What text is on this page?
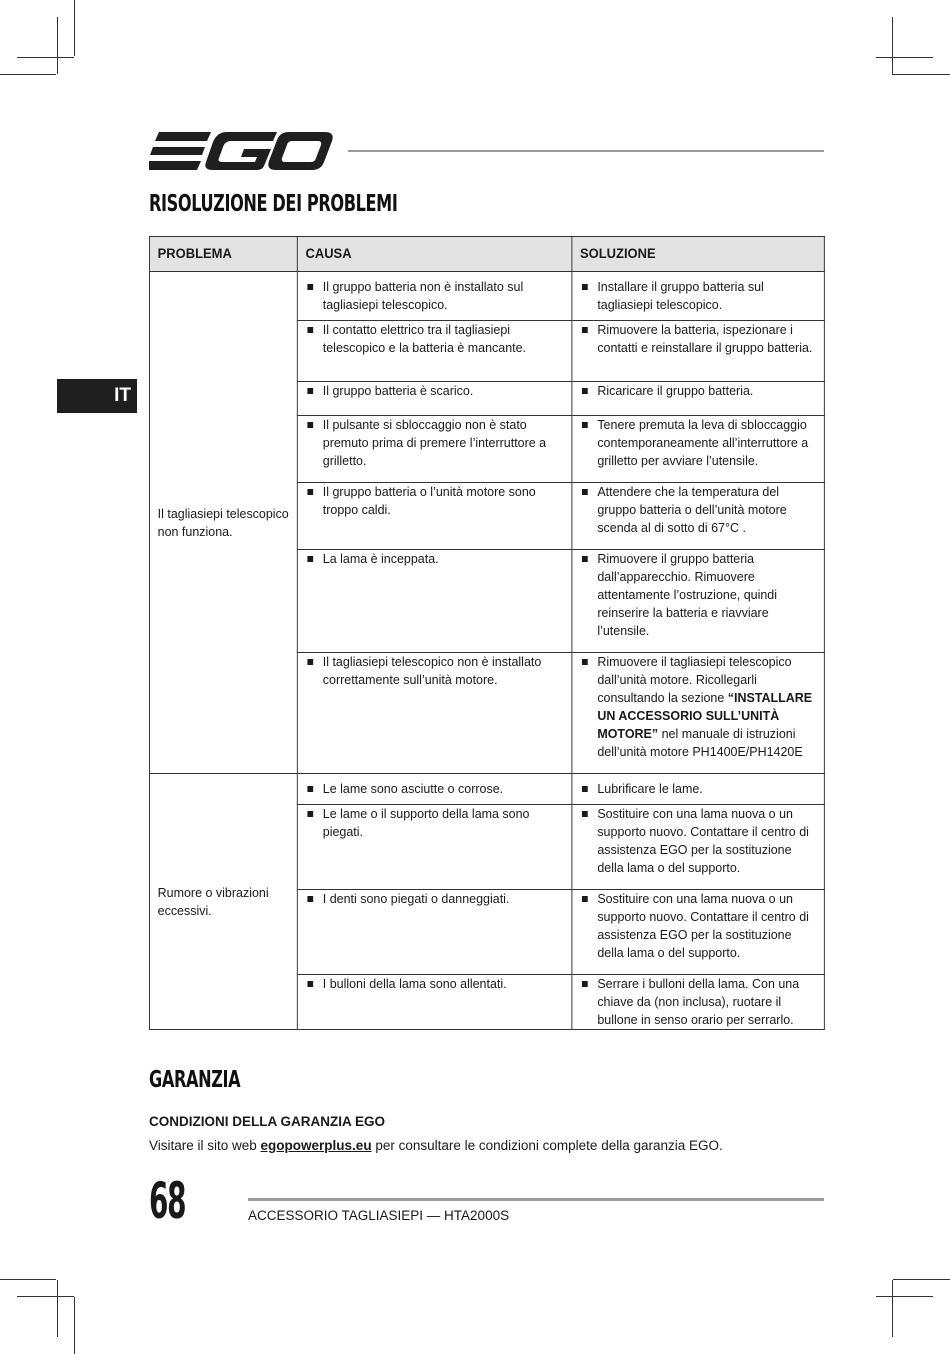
RISOLUZIONE DEI PROBLEMI
IT
PROBLEMA	CAUSA	SOLUZIONE
Il tagliasiepi telescopico non funziona.	Il gruppo batteria non è installato sul tagliasiepi telescopico.	Installare il gruppo batteria sul tagliasiepi telescopico.

	Il contatto elettrico tra il tagliasiepi telescopico e la batteria è mancante.	Rimuovere la batteria, ispezionare i contatti e reinstallare il gruppo batteria.

	Il gruppo batteria è scarico.	Ricaricare il gruppo batteria.

	Il pulsante si sbloccaggio non è stato premuto prima di premere l’interruttore a grilletto.	Tenere premuta la leva di sbloccaggio contemporaneamente all’interruttore a grilletto per avviare l’utensile.

	Il gruppo batteria o l’unità motore sono troppo caldi.	Attendere che la temperatura del gruppo batteria o dell’unità motore scenda al di sotto di 67°C .

	La lama è inceppata.	Rimuovere il gruppo batteria dall’apparecchio. Rimuovere attentamente l’ostruzione, quindi reinserire la batteria e riavviare l’utensile.

	Il tagliasiepi telescopico non è installato correttamente sull’unità motore.	Rimuovere il tagliasiepi telescopico dall’unità motore. Ricollegarli consultando la sezione “INSTALLARE UN ACCESSORIO SULL’UNITÀ MOTORE” nel manuale di istruzioni dell’unità motore PH1400E/PH1420E

Rumore o vibrazioni eccessivi.	Le lame sono asciutte o corrose.	Lubrificare le lame.

	Le lame o il supporto della lama sono piegati.	Sostituire con una lama nuova o un supporto nuovo. Contattare il centro di assistenza EGO per la sostituzione della lama o del supporto.

	I denti sono piegati o danneggiati.	Sostituire con una lama nuova o un supporto nuovo. Contattare il centro di assistenza EGO per la sostituzione della lama o del supporto.

	I bulloni della lama sono allentati.	Serrare i bulloni della lama. Con una chiave da (non inclusa), ruotare il bullone in senso orario per serrarlo.
GARANZIA

CONDIZIONI DELLA GARANZIA EGO

Visitare il sito web egopowerplus.eu per consultare le condizioni complete della garanzia EGO.

68	ACCESSORIO TAGLIASIEPI — HTA2000S
